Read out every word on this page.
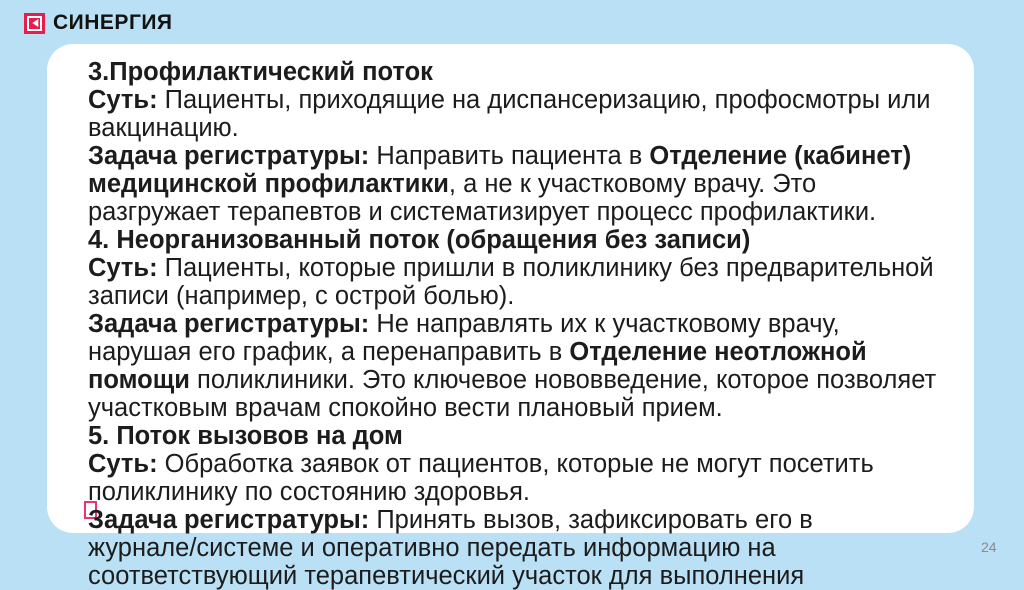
СИНЕРГИЯ
3.Профилактический поток
Суть: Пациенты, приходящие на диспансеризацию, профосмотры или
вакцинацию.
Задача регистратуры: Направить пациента в Отделение (кабинет)
медицинской профилактики, а не к участковому врачу. Это
разгружает терапевтов и систематизирует процесс профилактики.
4. Неорганизованный поток (обращения без записи)
Суть: Пациенты, которые пришли в поликлинику без предварительной
записи (например, с острой болью).
Задача регистратуры: Не направлять их к участковому врачу,
нарушая его график, а перенаправить в Отделение неотложной
помощи поликлиники. Это ключевое нововведение, которое позволяет
участковым врачам спокойно вести плановый прием.
5. Поток вызовов на дом
Суть: Обработка заявок от пациентов, которые не могут посетить
поликлинику по состоянию здоровья.
Задача регистратуры: Принять вызов, зафиксировать его в
журнале/системе и оперативно передать информацию на
соответствующий терапевтический участок для выполнения
24
